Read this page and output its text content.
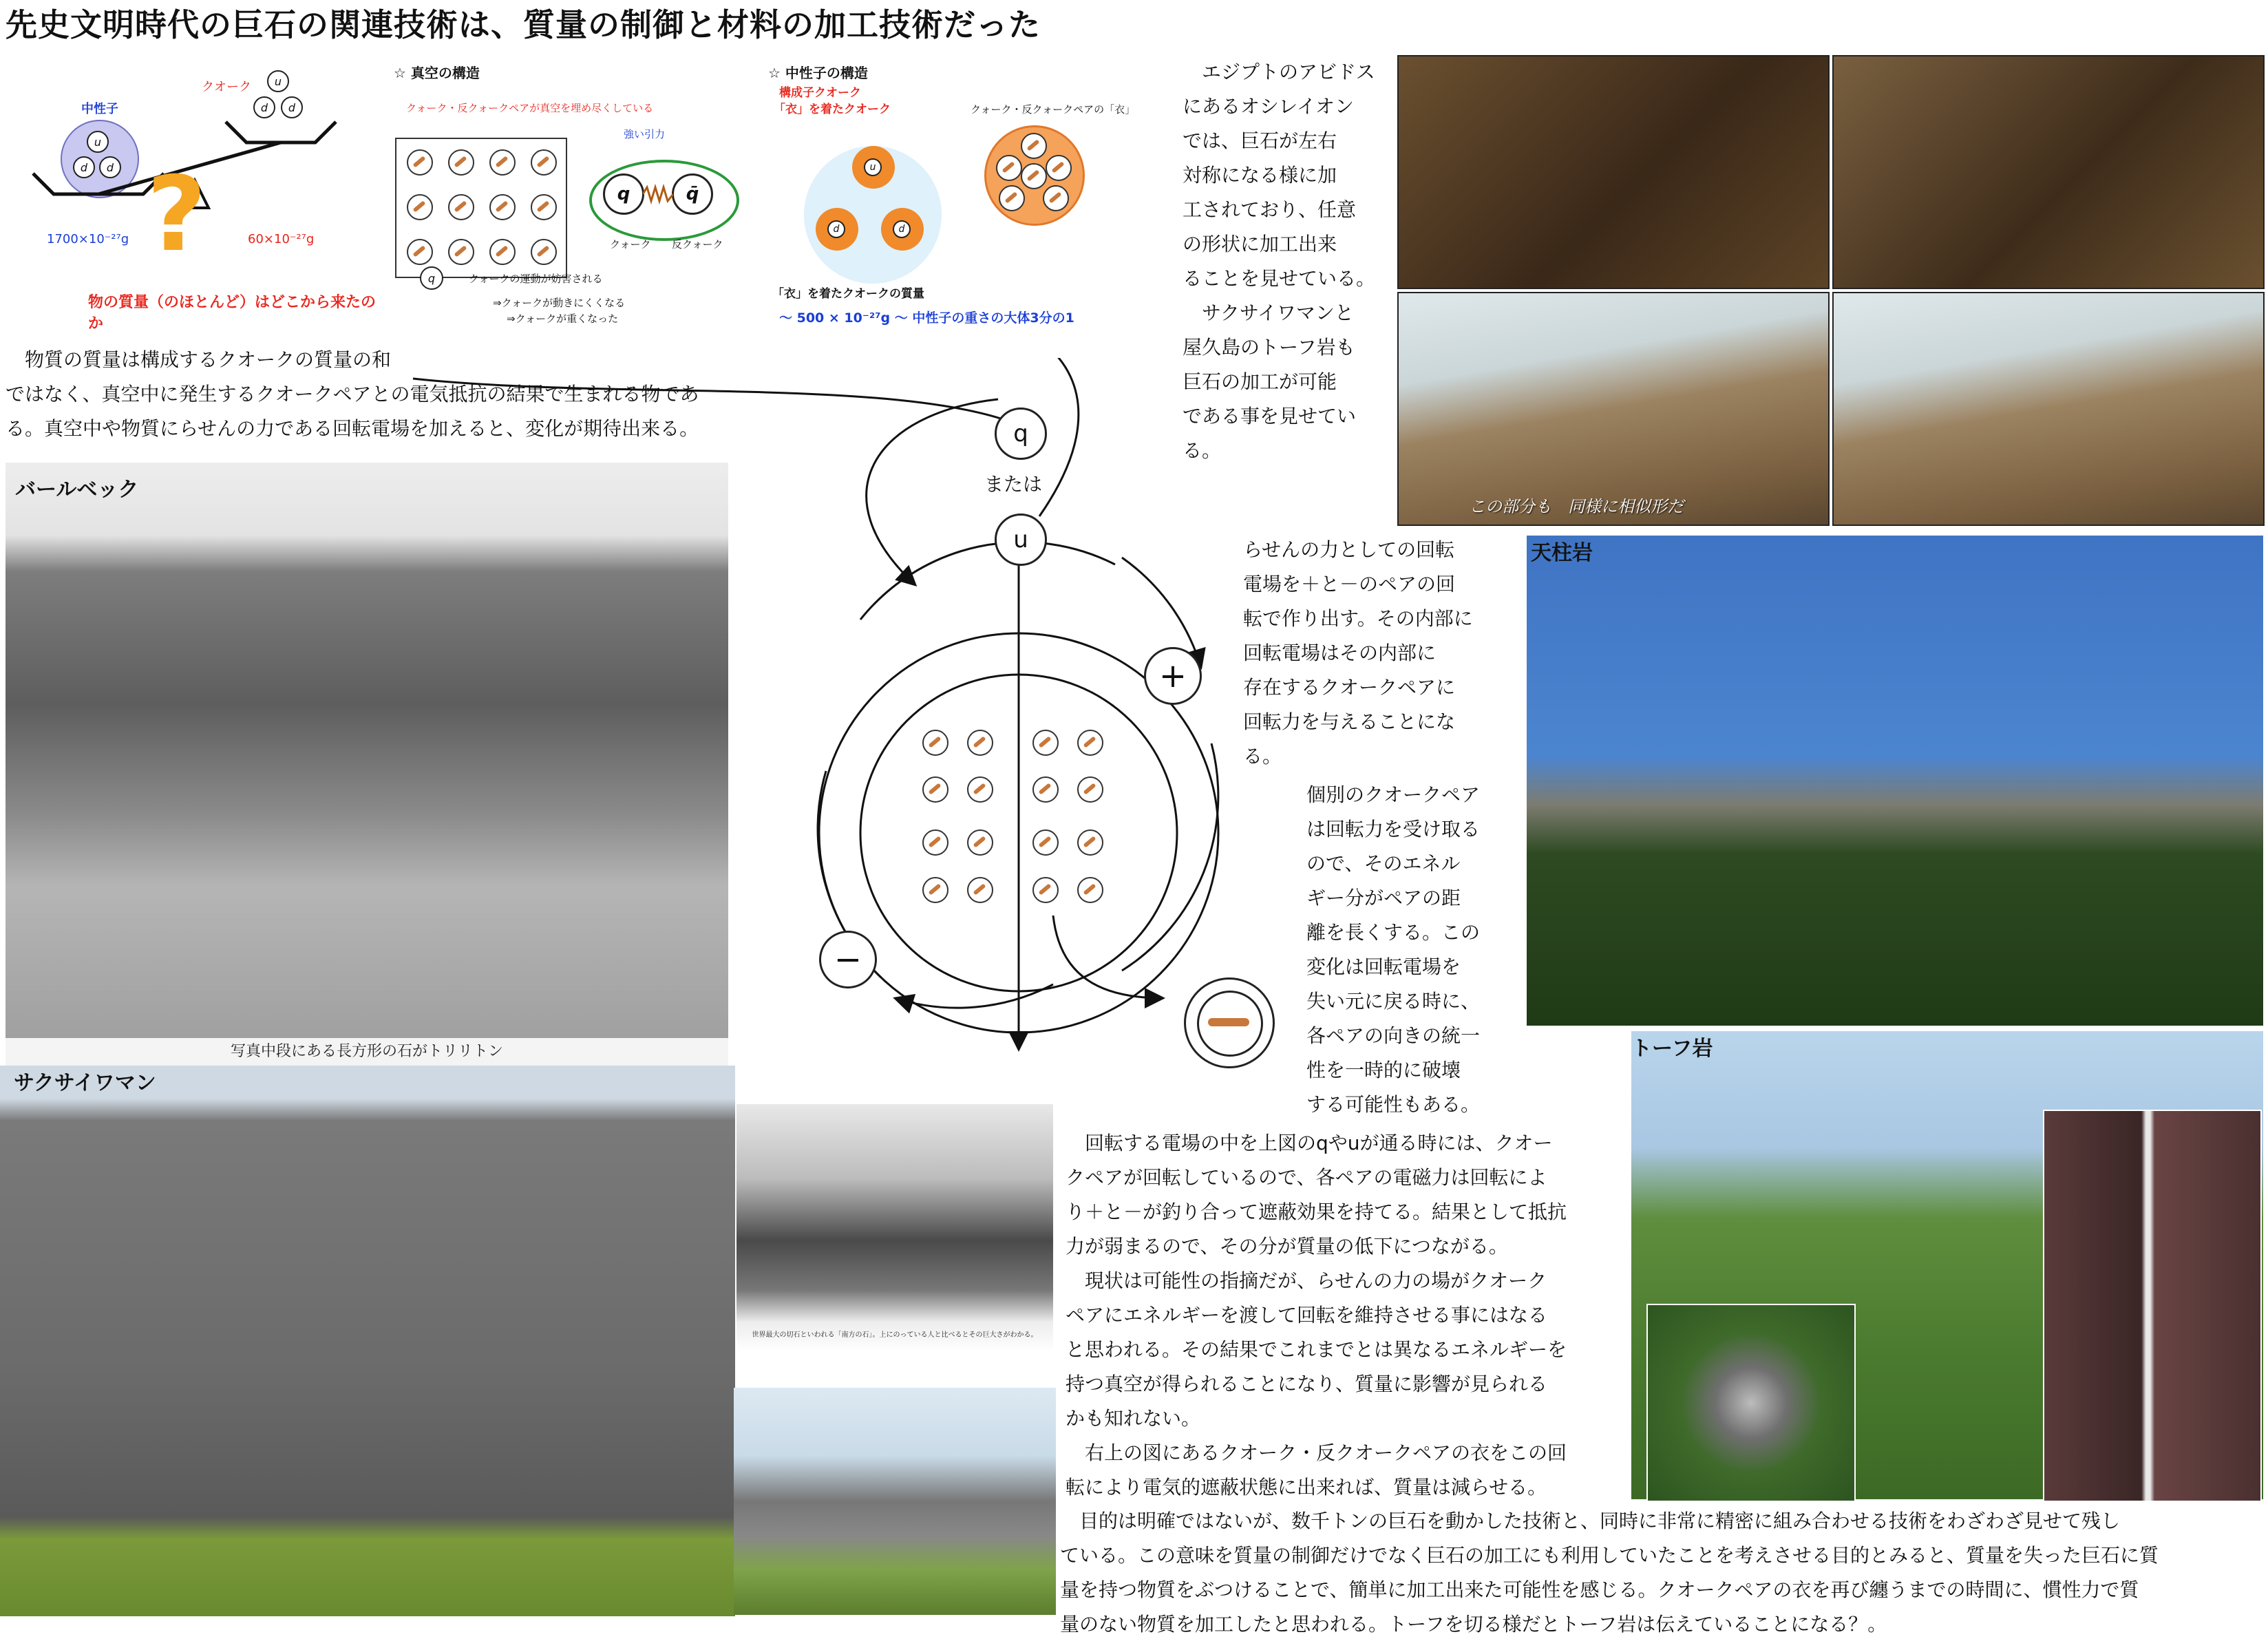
先史文明時代の巨石の関連技術は、質量の制御と材料の加工技術だった
中性子
クオーク
u
d d
u
d d
?
1700×10⁻²⁷g	60×10⁻²⁷g
物の質量（のほとんど）はどこから来たのか
☆ 真空の構造
クォーク・反クォークペアが真空を埋め尽くしている
強い引力
q	q̄
クォーク 反クォーク
q	クォークの運動が妨害される
⇒クォークが動きにくくなる
⇒クォークが重くなった
☆ 中性子の構造
構成子クオーク
「衣」を着たクオーク	クォーク・反クォークペアの「衣」
u
d	d
「衣」を着たクオークの質量
～ 500 × 10⁻²⁷g ～ 中性子の重さの大体3分の1
　物質の質量は構成するクオークの質量の和
ではなく、真空中に発生するクオークペアとの電気抵抗の結果で生まれる物であ
る。真空中や物質にらせんの力である回転電場を加えると、変化が期待出来る。
　エジプトのアビドス
にあるオシレイオン
では、巨石が左右
対称になる様に加
工されており、任意
の形状に加工出来
ることを見せている。
　サクサイワマンと
屋久島のトーフ岩も
巨石の加工が可能
である事を見せてい
る。
この部分も　同様に相似形だ
q
または
u
+
−
らせんの力としての回転
電場を＋と－のペアの回
転で作り出す。その内部に
回転電場はその内部に
存在するクオークペアに
回転力を与えることにな
る。
個別のクオークペア
は回転力を受け取る
ので、そのエネル
ギー分がペアの距
離を長くする。この
変化は回転電場を
失い元に戻る時に、
各ペアの向きの統一
性を一時的に破壊
する可能性もある。
バールベック
写真中段にある長方形の石がトリリトン
サクサイワマン
世界最大の切石といわれる「南方の石」。上にのっている人と比べるとその巨大さがわかる。
天柱岩
トーフ岩
　回転する電場の中を上図のqやuが通る時には、クオー
クペアが回転しているので、各ペアの電磁力は回転によ
り＋と－が釣り合って遮蔽効果を持てる。結果として抵抗
力が弱まるので、その分が質量の低下につながる。
　現状は可能性の指摘だが、らせんの力の場がクオーク
ペアにエネルギーを渡して回転を維持させる事にはなる
と思われる。その結果でこれまでとは異なるエネルギーを
持つ真空が得られることになり、質量に影響が見られる
かも知れない。
　右上の図にあるクオーク・反クオークペアの衣をこの回
転により電気的遮蔽状態に出来れば、質量は減らせる。
　目的は明確ではないが、数千トンの巨石を動かした技術と、同時に非常に精密に組み合わせる技術をわざわざ見せて残し
ている。この意味を質量の制御だけでなく巨石の加工にも利用していたことを考えさせる目的とみると、質量を失った巨石に質
量を持つ物質をぶつけることで、簡単に加工出来た可能性を感じる。クオークペアの衣を再び纏うまでの時間に、慣性力で質
量のない物質を加工したと思われる。トーフを切る様だとトーフ岩は伝えていることになる？。
